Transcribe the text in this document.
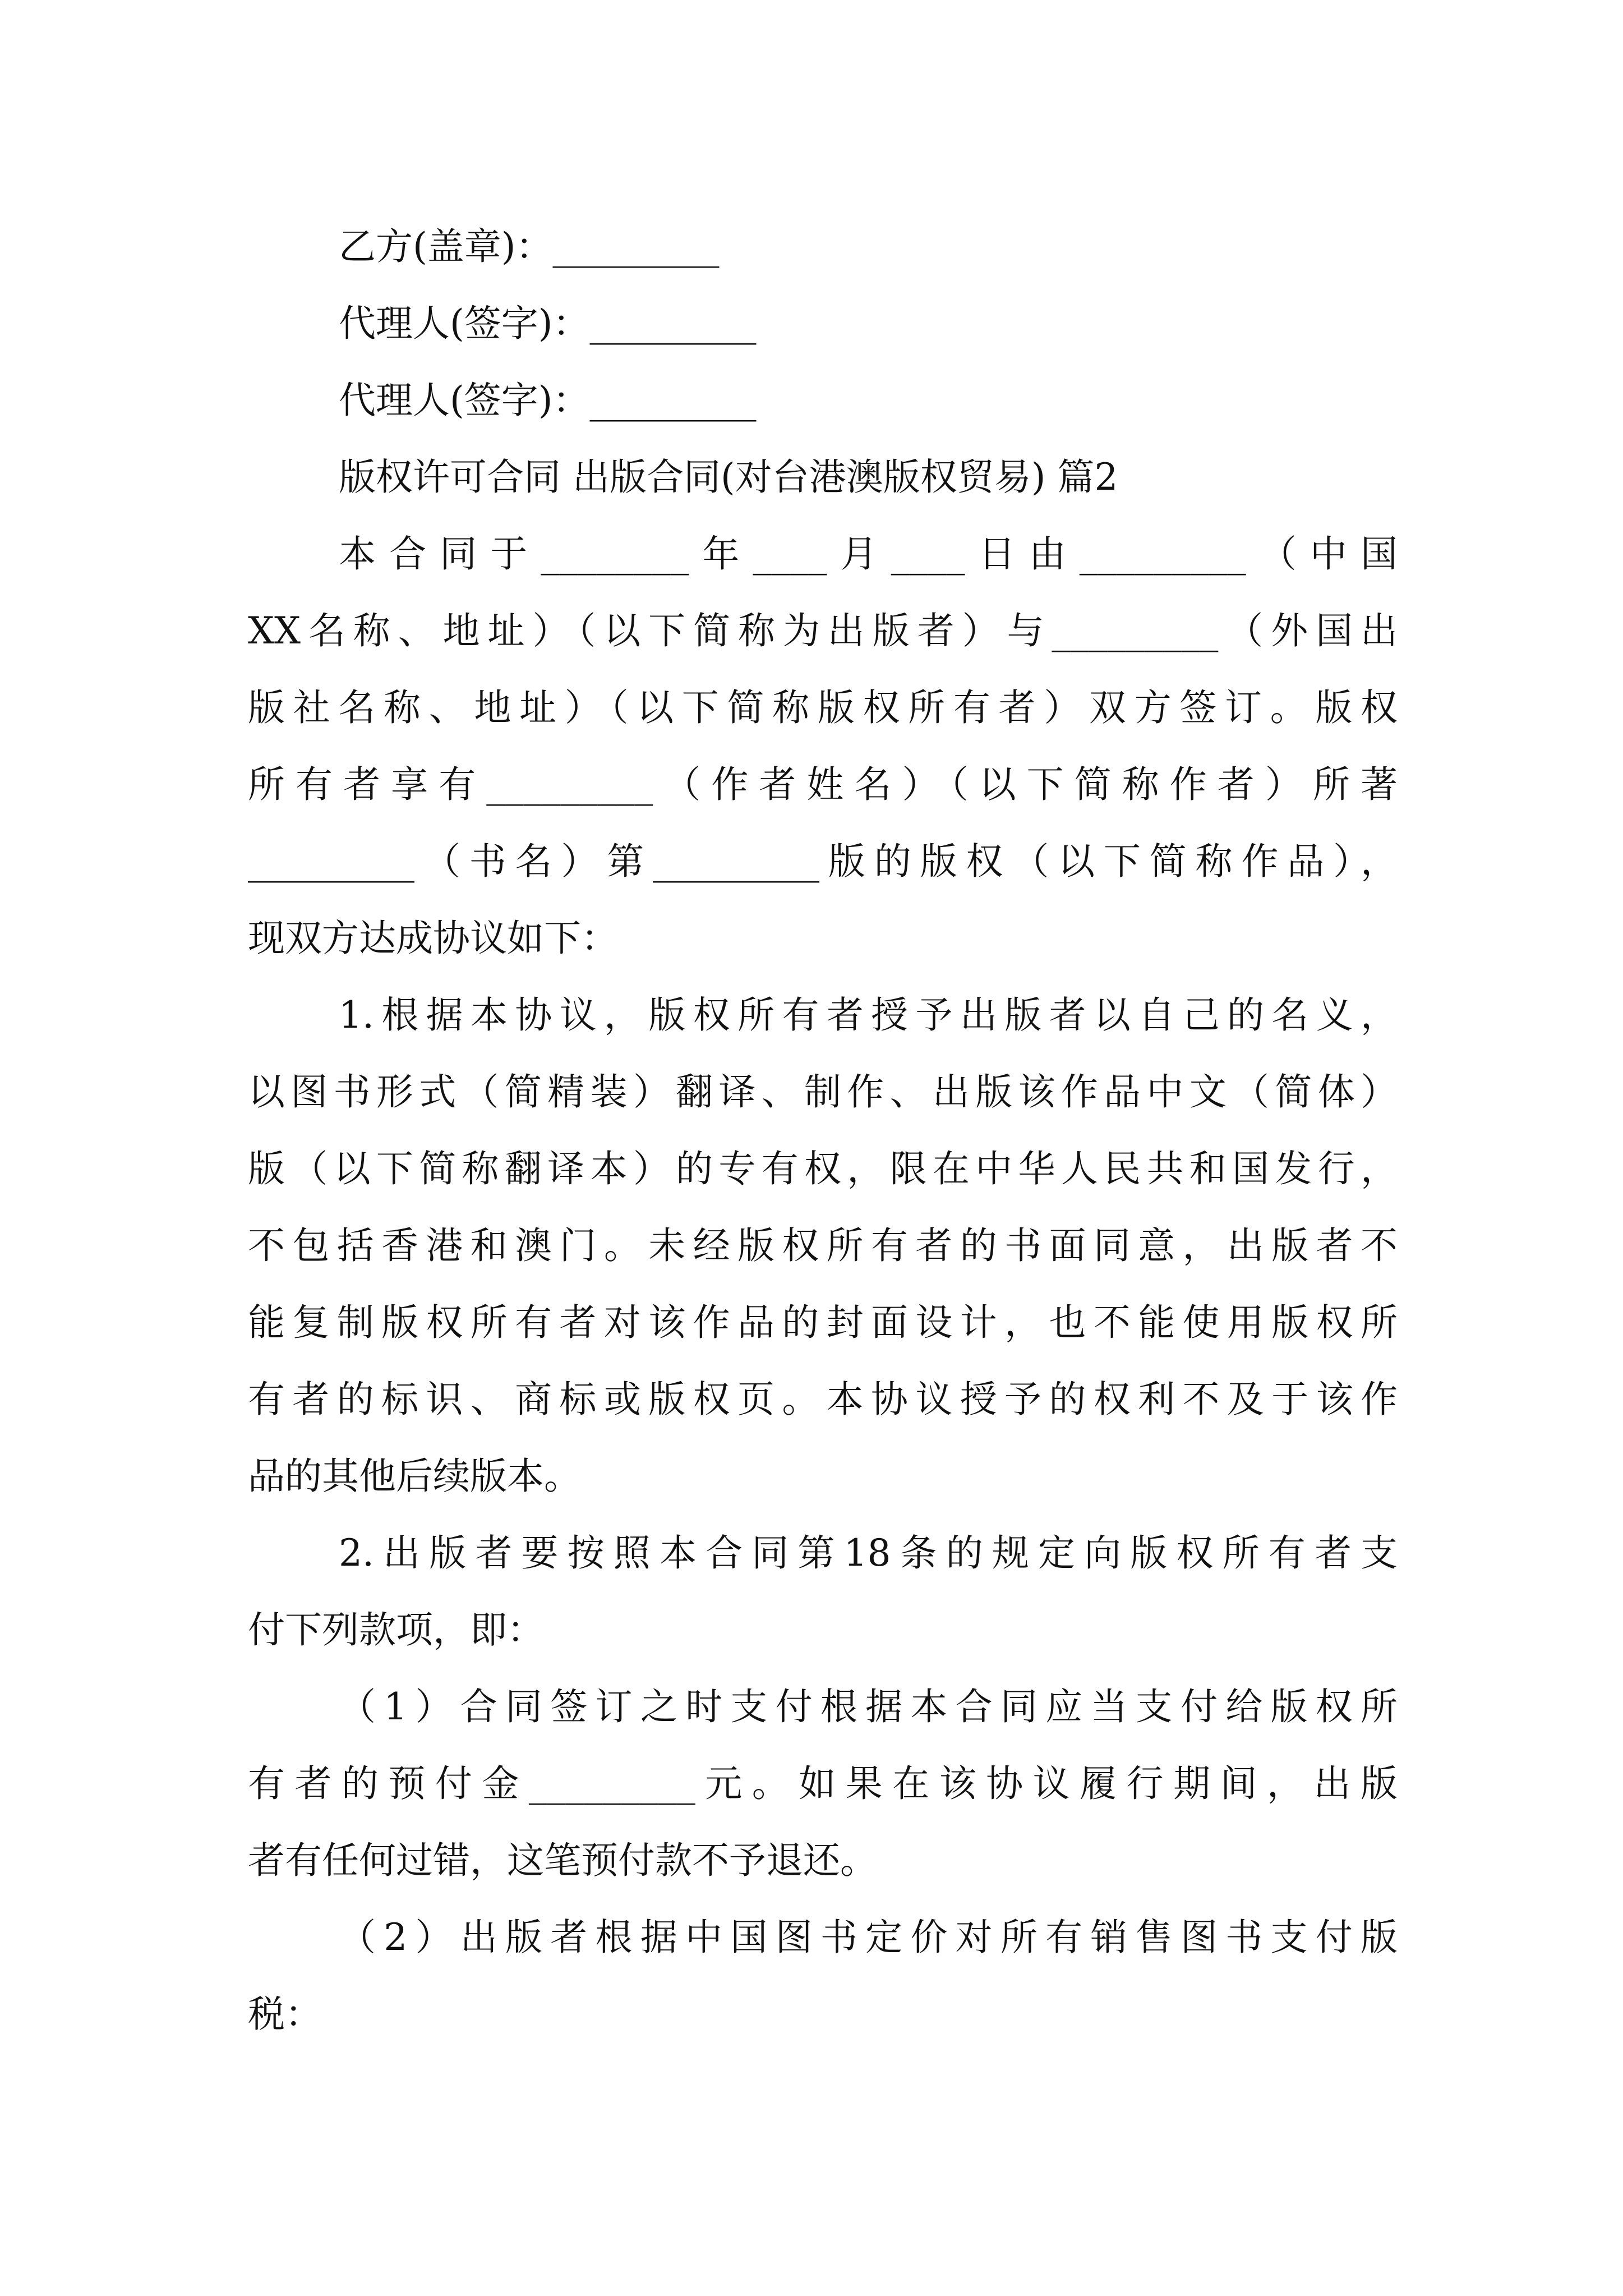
乙方(盖章)：_________
代理人(签字)：_________
代理人(签字)：_________
版权许可合同 出版合同(对台港澳版权贸易) 篇2
本合同于________年____月____日由_________（中国
XX名称、地址）（以下简称为出版者）与_________（外国出
版社名称、地址）（以下简称版权所有者）双方签订。版权
所有者享有_________（作者姓名）（以下简称作者）所著
_________（书名）第_________版的版权（以下简称作品），
现双方达成协议如下：
1.根据本协议，版权所有者授予出版者以自己的名义，
以图书形式（简精装）翻译、制作、出版该作品中文（简体）
版（以下简称翻译本）的专有权，限在中华人民共和国发行，
不包括香港和澳门。未经版权所有者的书面同意，出版者不
能复制版权所有者对该作品的封面设计，也不能使用版权所
有者的标识、商标或版权页。本协议授予的权利不及于该作
品的其他后续版本。
2.出版者要按照本合同第18条的规定向版权所有者支
付下列款项，即：
（1）合同签订之时支付根据本合同应当支付给版权所
有者的预付金_________元。如果在该协议履行期间，出版
者有任何过错，这笔预付款不予退还。
（2）出版者根据中国图书定价对所有销售图书支付版
税：
